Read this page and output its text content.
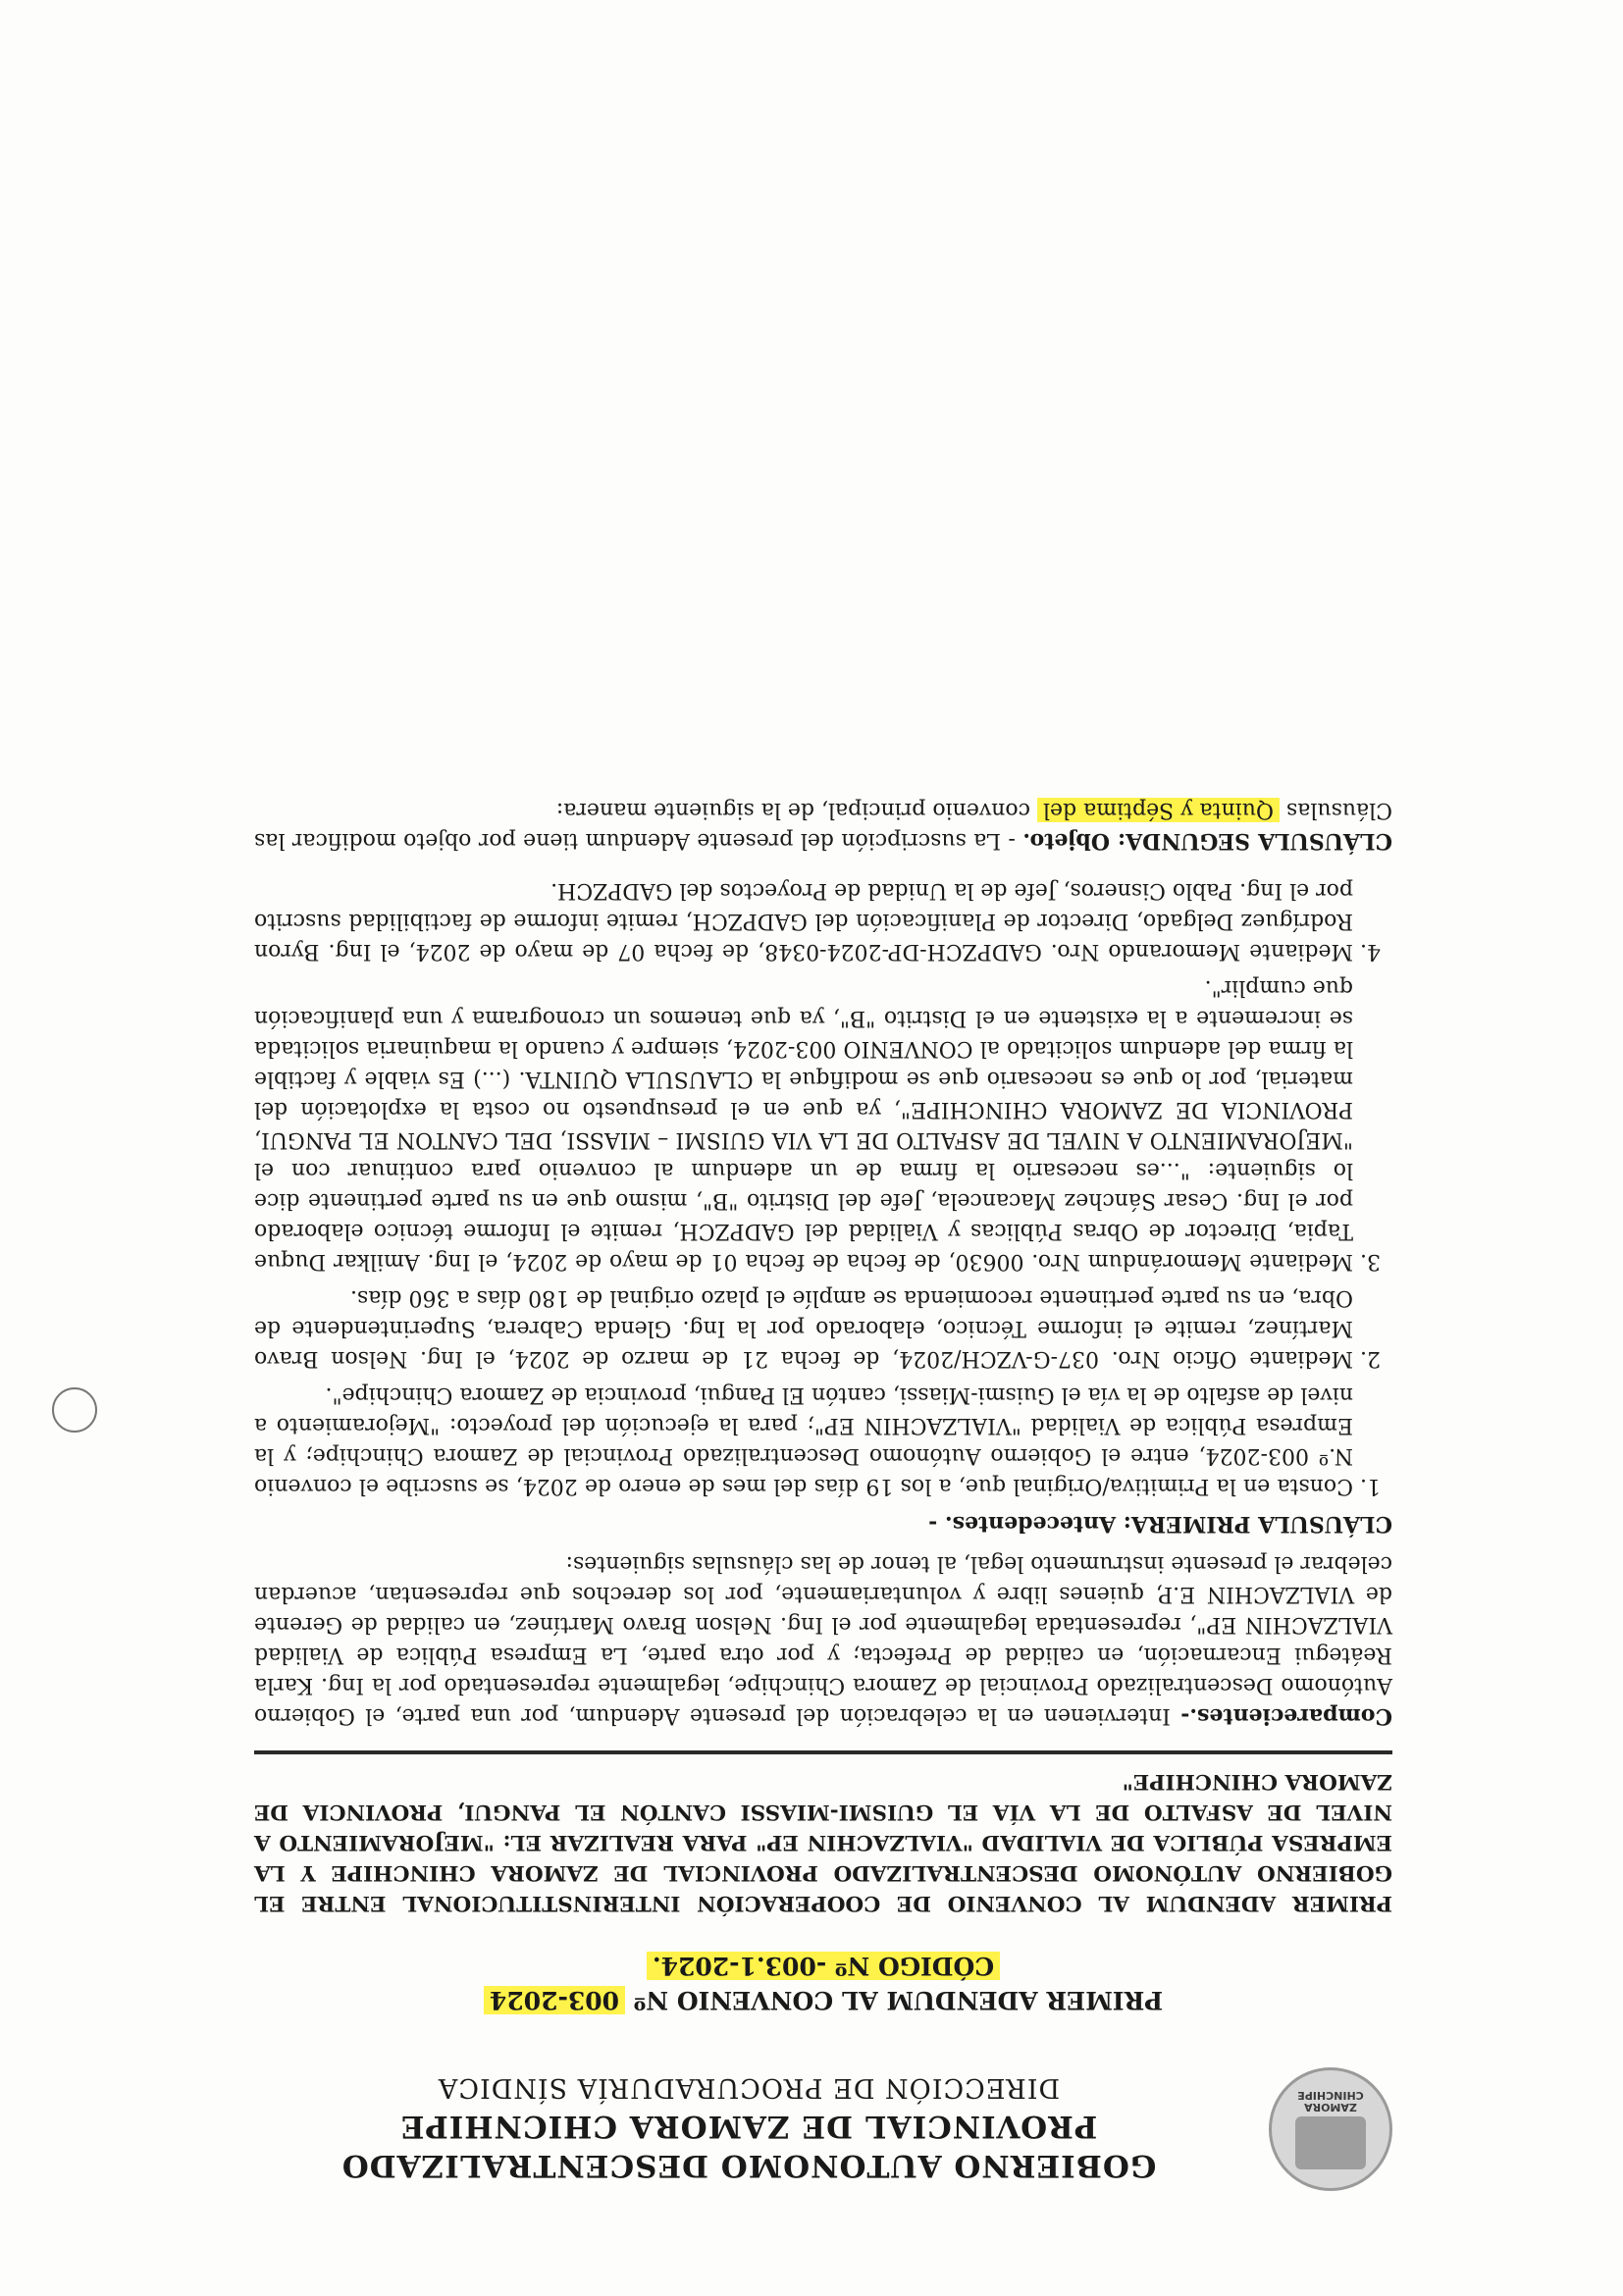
ZAMORA CHINCHIPE
GOBIERNO AUTONOMO DESCENTRALIZADO PROVINCIAL DE ZAMORA CHICNHIPE
DIRECCIÓN DE PROCURADURÍA SÍNDICA
PRIMER ADENDUM AL CONVENIO Nº 003-2024
CÓDIGO Nº -003.1-2024.
PRIMER ADENDUM AL CONVENIO DE COOPERACIÓN INTERINSTITUCIONAL ENTRE EL GOBIERNO AUTÓNOMO DESCENTRALIZADO PROVINCIAL DE ZAMORA CHINCHIPE Y LA EMPRESA PÚBLICA DE VIALIDAD "VIALZACHIN EP" PARA REALIZAR EL: "MEJORAMIENTO A NIVEL DE ASFALTO DE LA VÍA EL GUISMI-MIASSI CANTÓN EL PANGUI, PROVINCIA DE ZAMORA CHINCHIPE"

Comparecientes.- Intervienen en la celebración del presente Adendum, por una parte, el Gobierno Autónomo Descentralizado Provincial de Zamora Chinchipe, legalmente representado por la Ing. Karla Reátegui Encarnación, en calidad de Prefecta; y por otra parte, La Empresa Pública de Vialidad VIALZACHIN EP", representada legalmente por el Ing. Nelson Bravo Martínez, en calidad de Gerente de VIALZACHIN E.P, quienes libre y voluntariamente, por los derechos que representan, acuerdan celebrar el presente instrumento legal, al tenor de las cláusulas siguientes:

CLÁUSULA PRIMERA: Antecedentes. -
1. Consta en la Primitiva/Original que, a los 19 días del mes de enero de 2024, se suscribe el convenio N.º 003-2024, entre el Gobierno Autónomo Descentralizado Provincial de Zamora Chinchipe; y la Empresa Pública de Vialidad "VIALZACHIN EP"; para la ejecución del proyecto: "Mejoramiento a nivel de asfalto de la vía el Guismi-Miassi, cantón El Pangui, provincia de Zamora Chinchipe".
2. Mediante Oficio Nro. 037-G-VZCH/2024, de fecha 21 de marzo de 2024, el Ing. Nelson Bravo Martínez, remite el informe Técnico, elaborado por la Ing. Glenda Cabrera, Superintendente de Obra, en su parte pertinente recomienda se amplíe el plazo original de 180 días a 360 días.
3. Mediante Memorándum Nro. 00630, de fecha de fecha 01 de mayo de 2024, el Ing. Amilkar Duque Tapia, Director de Obras Públicas y Vialidad del GADPZCH, remite el Informe técnico elaborado por el Ing. Cesar Sánchez Macancela, Jefe del Distrito "B", mismo que en su parte pertinente dice lo siguiente: "...es necesario la firma de un adendum al convenio para continuar con el "MEJORAMIENTO A NIVEL DE ASFALTO DE LA VIA GUISMI – MIASSI, DEL CANTON EL PANGUI, PROVINCIA DE ZAMORA CHINCHIPE", ya que en el presupuesto no costa la explotación del material, por lo que es necesario que se modifique la CLAUSULA QUINTA. (...) Es viable y factible la firma del adendum solicitado al CONVENIO 003-2024, siempre y cuando la maquinaria solicitada se incremente a la existente en el Distrito "B", ya que tenemos un cronograma y una planificación que cumplir".
4. Mediante Memorando Nro. GADPZCH-DP-2024-0348, de fecha 07 de mayo de 2024, el Ing. Byron Rodríguez Delgado, Director de Planificación del GADPZCH, remite informe de factibilidad suscrito por el Ing. Pablo Cisneros, Jefe de la Unidad de Proyectos del GADPZCH.

CLÁUSULA SEGUNDA: Objeto. - La suscripción del presente Adendum tiene por objeto modificar las Cláusulas Quinta y Séptima del convenio principal, de la siguiente manera:
